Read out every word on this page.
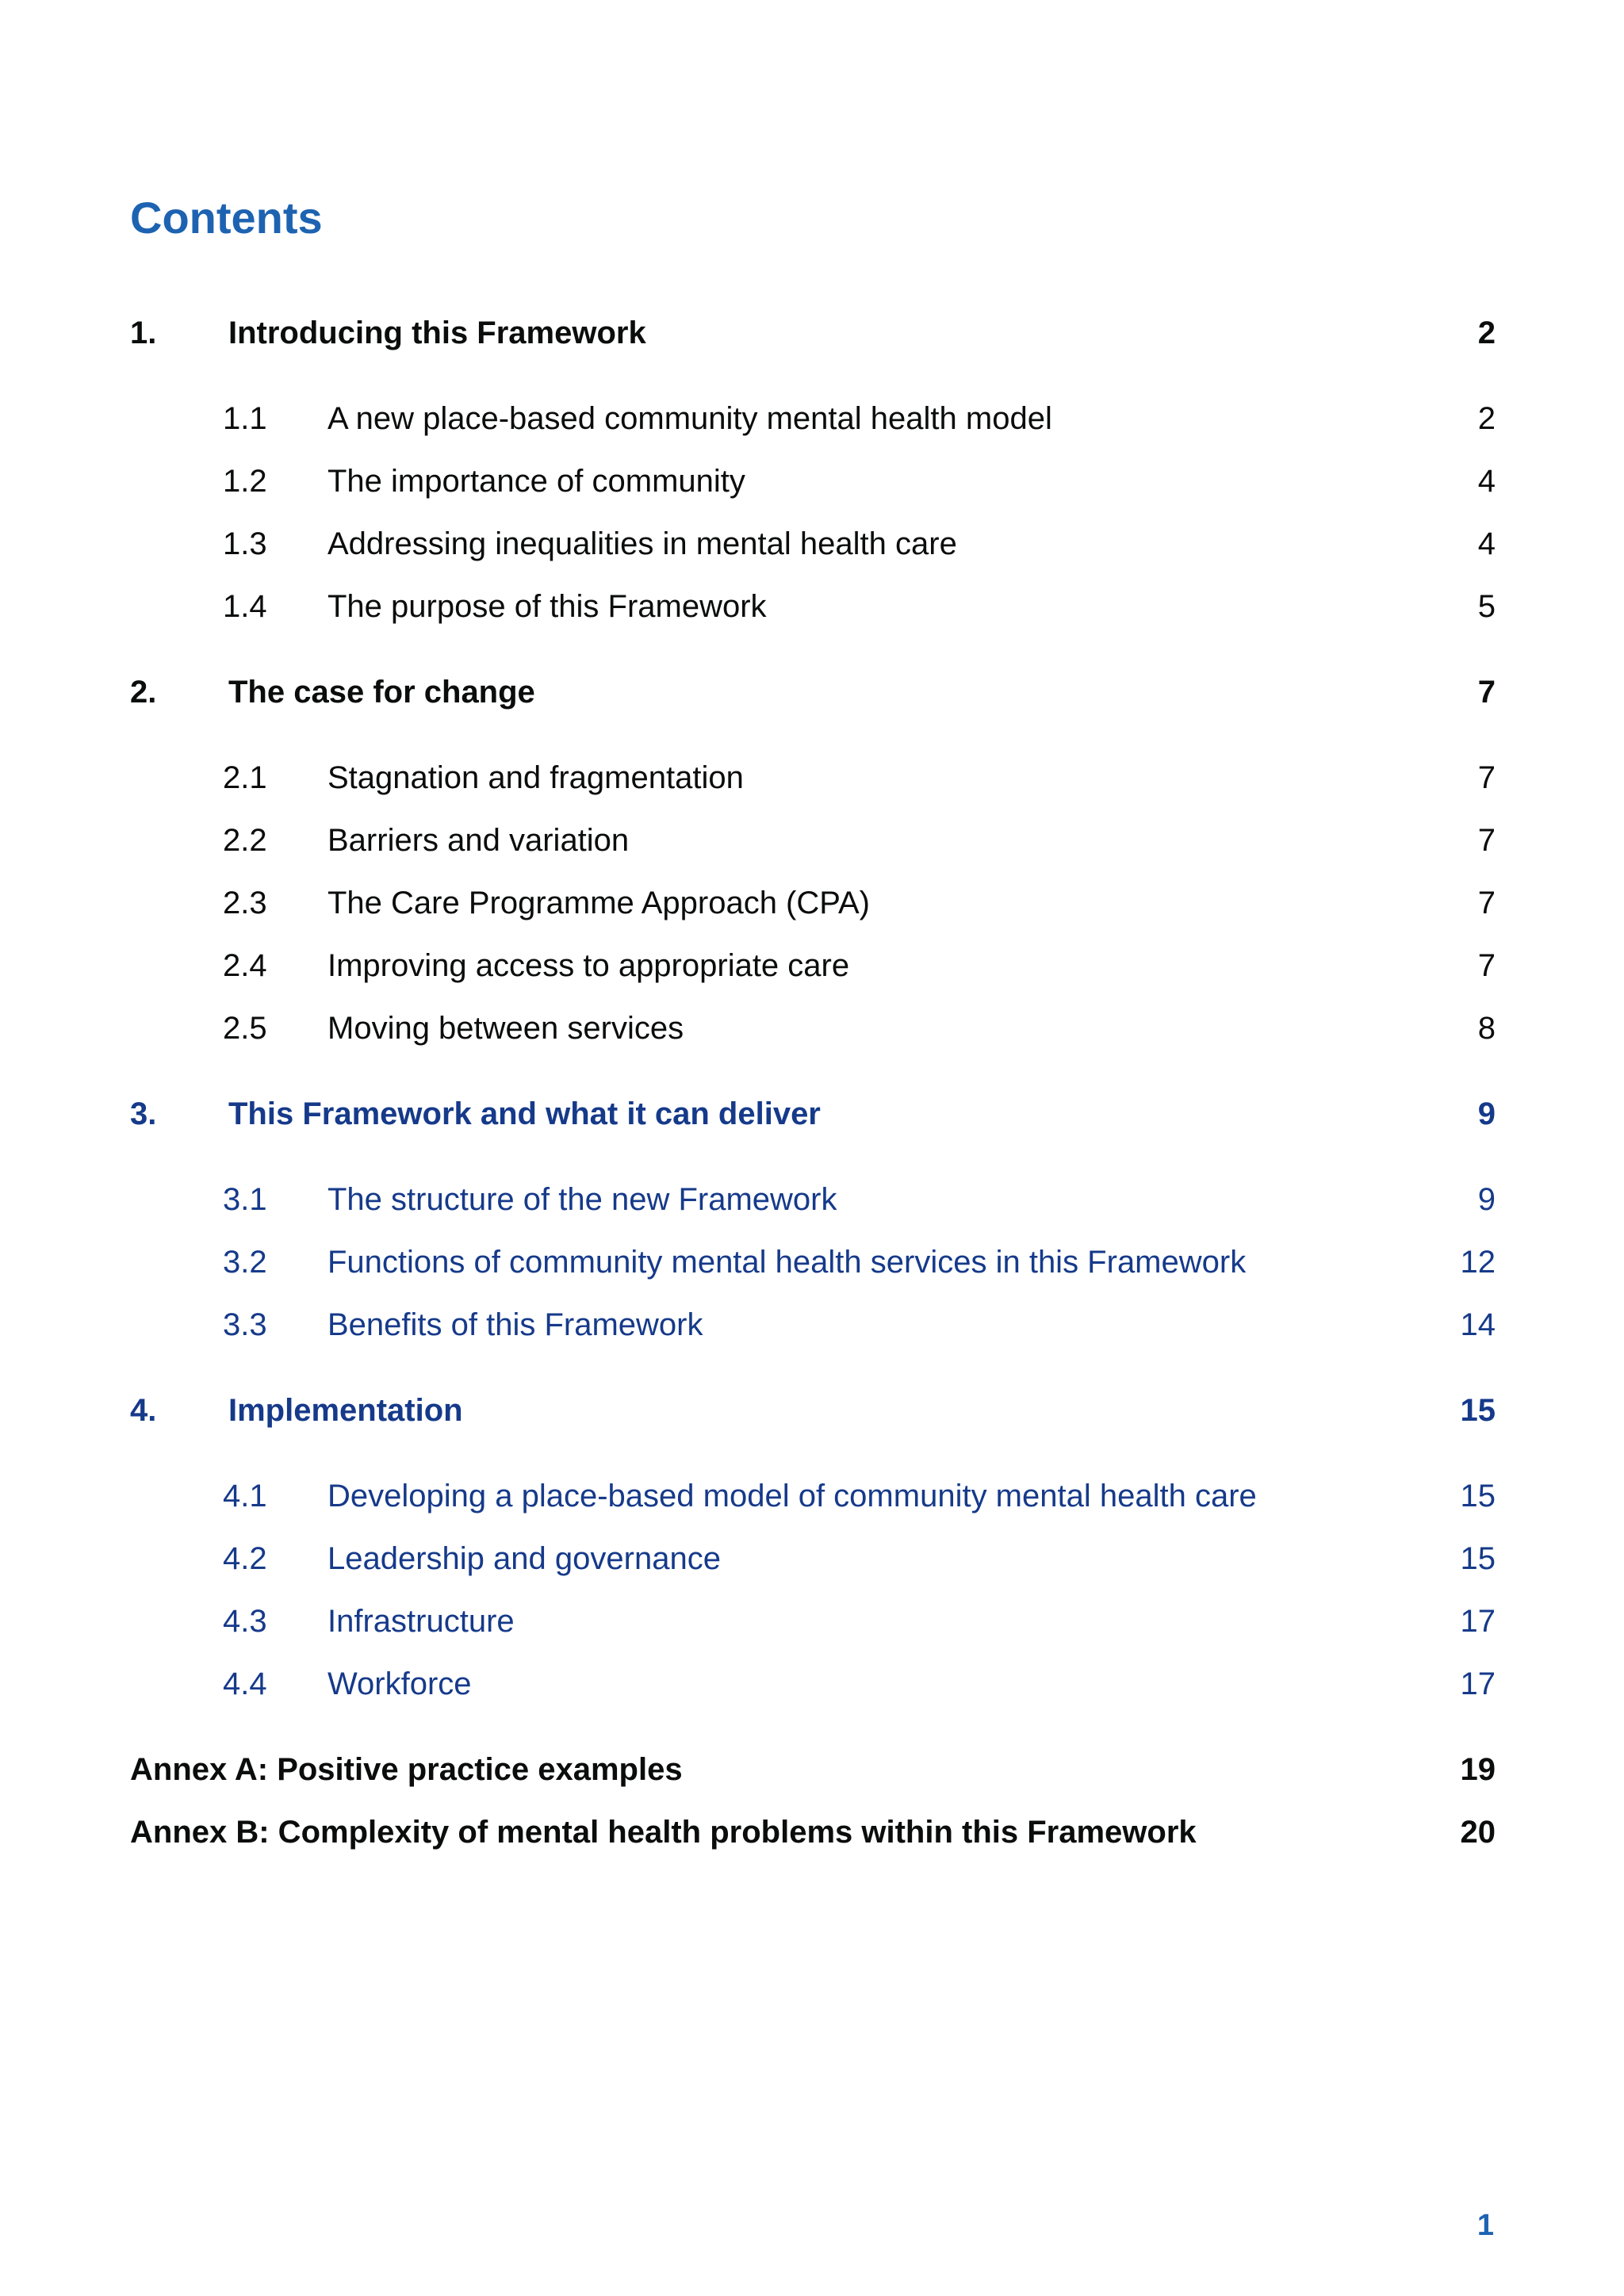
Contents
1.	Introducing this Framework	2
1.1	A new place-based community mental health model	2
1.2	The importance of community	4
1.3	Addressing inequalities in mental health care	4
1.4	The purpose of this Framework	5
2.	The case for change	7
2.1	Stagnation and fragmentation	7
2.2	Barriers and variation	7
2.3	The Care Programme Approach (CPA)	7
2.4	Improving access to appropriate care	7
2.5	Moving between services	8
3.	This Framework and what it can deliver	9
3.1	The structure of the new Framework	9
3.2	Functions of community mental health services in this Framework	12
3.3	Benefits of this Framework	14
4.	Implementation	15
4.1	Developing a place-based model of community mental health care	15
4.2	Leadership and governance	15
4.3	Infrastructure	17
4.4	Workforce	17
Annex A: Positive practice examples	19
Annex B: Complexity of mental health problems within this Framework	20
1
